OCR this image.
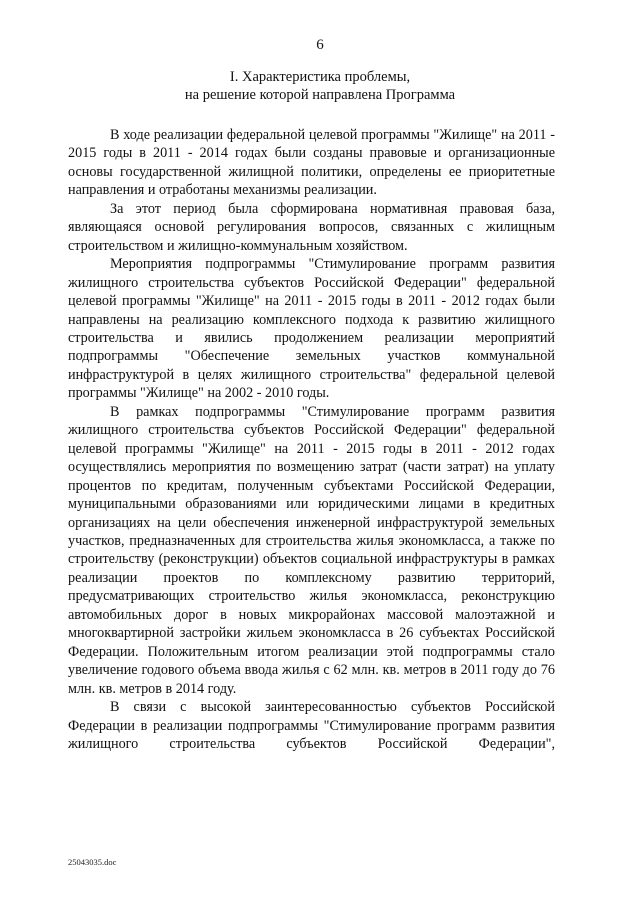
6
I. Характеристика проблемы,
на решение которой направлена Программа

В ходе реализации федеральной целевой программы "Жилище" на 2011 - 2015 годы в 2011 - 2014 годах были созданы правовые и организационные основы государственной жилищной политики, определены ее приоритетные направления и отработаны механизмы реализации.

За этот период была сформирована нормативная правовая база, являющаяся основой регулирования вопросов, связанных с жилищным строительством и жилищно-коммунальным хозяйством.

Мероприятия подпрограммы "Стимулирование программ развития жилищного строительства субъектов Российской Федерации" федеральной целевой программы "Жилище" на 2011 - 2015 годы в 2011 - 2012 годах были направлены на реализацию комплексного подхода к развитию жилищного строительства и явились продолжением реализации мероприятий подпрограммы "Обеспечение земельных участков коммунальной инфраструктурой в целях жилищного строительства" федеральной целевой программы "Жилище" на 2002 - 2010 годы.

В рамках подпрограммы "Стимулирование программ развития жилищного строительства субъектов Российской Федерации" федеральной целевой программы "Жилище" на 2011 - 2015 годы в 2011 - 2012 годах осуществлялись мероприятия по возмещению затрат (части затрат) на уплату процентов по кредитам, полученным субъектами Российской Федерации, муниципальными образованиями или юридическими лицами в кредитных организациях на цели обеспечения инженерной инфраструктурой земельных участков, предназначенных для строительства жилья экономкласса, а также по строительству (реконструкции) объектов социальной инфраструктуры в рамках реализации проектов по комплексному развитию территорий, предусматривающих строительство жилья экономкласса, реконструкцию автомобильных дорог в новых микрорайонах массовой малоэтажной и многоквартирной застройки жильем экономкласса в 26 субъектах Российской Федерации. Положительным итогом реализации этой подпрограммы стало увеличение годового объема ввода жилья с 62 млн. кв. метров в 2011 году до 76 млн. кв. метров в 2014 году.

В связи с высокой заинтересованностью субъектов Российской Федерации в реализации подпрограммы "Стимулирование программ развития жилищного строительства субъектов Российской Федерации",

25043035.doc
